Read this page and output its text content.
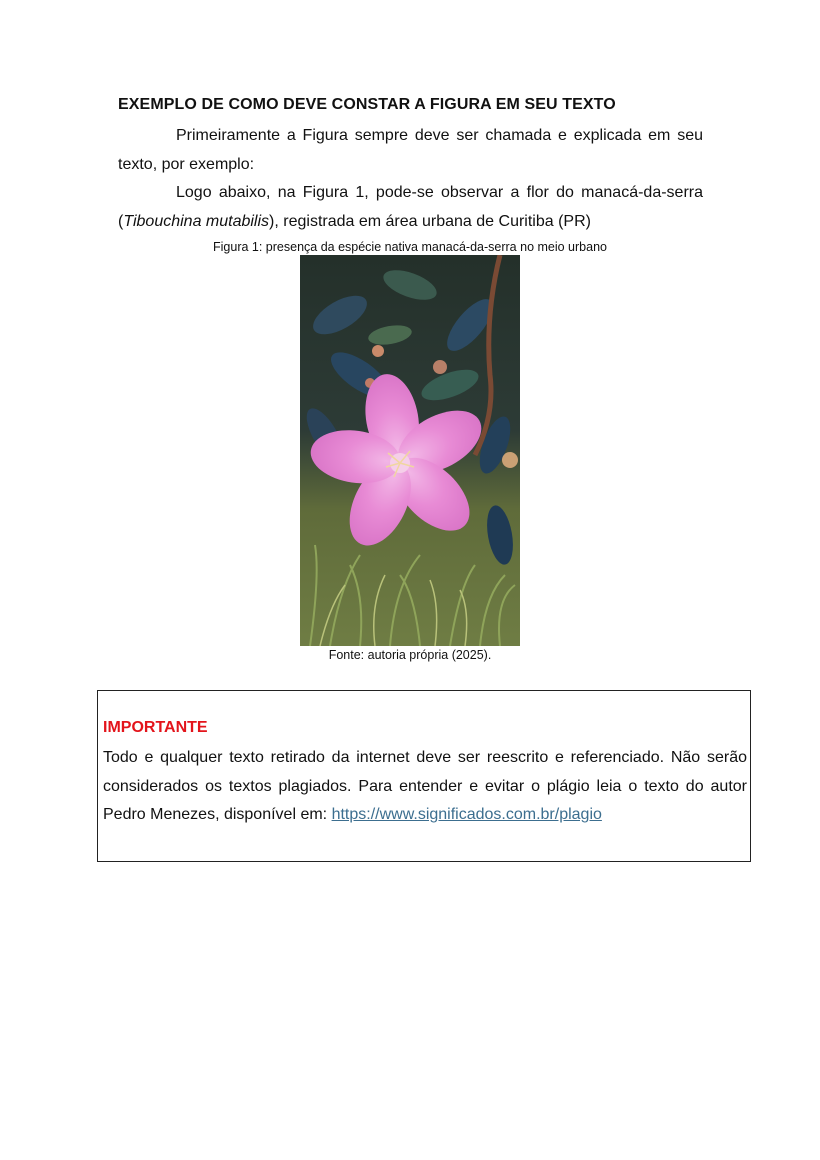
EXEMPLO DE COMO DEVE CONSTAR A FIGURA EM SEU TEXTO
Primeiramente a Figura sempre deve ser chamada e explicada em seu
texto, por exemplo:
Logo abaixo, na Figura 1, pode-se observar a flor do manacá-da-serra
(Tibouchina mutabilis), registrada em área urbana de Curitiba (PR)
Figura 1: presença da espécie nativa manacá-da-serra no meio urbano
Fonte: autoria própria (2025).
IMPORTANTE
Todo e qualquer texto retirado da internet deve ser reescrito e referenciado. Não serão
considerados os textos plagiados. Para entender e evitar o plágio leia o texto do autor
Pedro Menezes, disponível em: https://www.significados.com.br/plagio
